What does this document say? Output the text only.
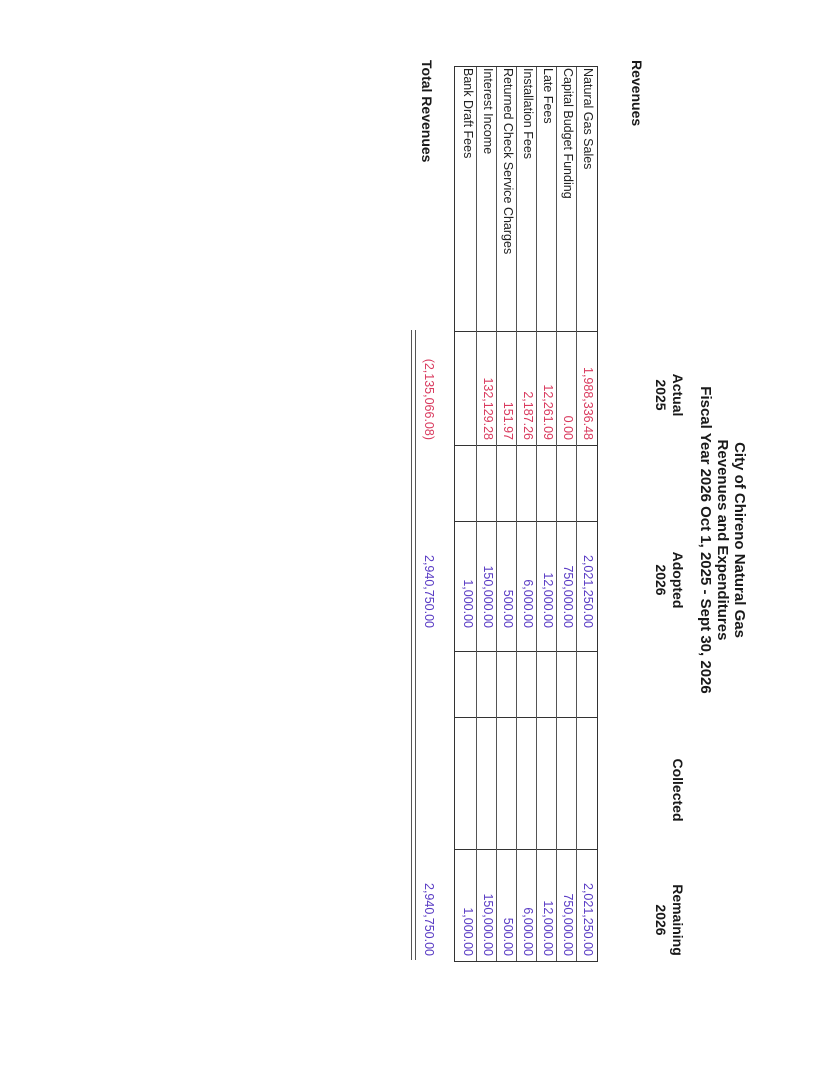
City of Chireno Natural Gas
Revenues and Expenditures
Fiscal Year 2026 Oct 1, 2025 - Sept 30, 2026
Actual
2025
Adopted
2026
Collected
Remaining
2026
Revenues
Natural Gas Sales
1,988,336.48
2,021,250.00
2,021,250.00
Capital Budget Funding
0.00
750,000.00
750,000.00
Late Fees
12,261.09
12,000.00
12,000.00
Installation Fees
2,187.26
6,000.00
6,000.00
Returned Check Service Charges
151.97
500.00
500.00
Interest Income
132,129.28
150,000.00
150,000.00
Bank Draft Fees
1,000.00
1,000.00
Total Revenues
(2,135,066.08)
2,940,750.00
2,940,750.00
